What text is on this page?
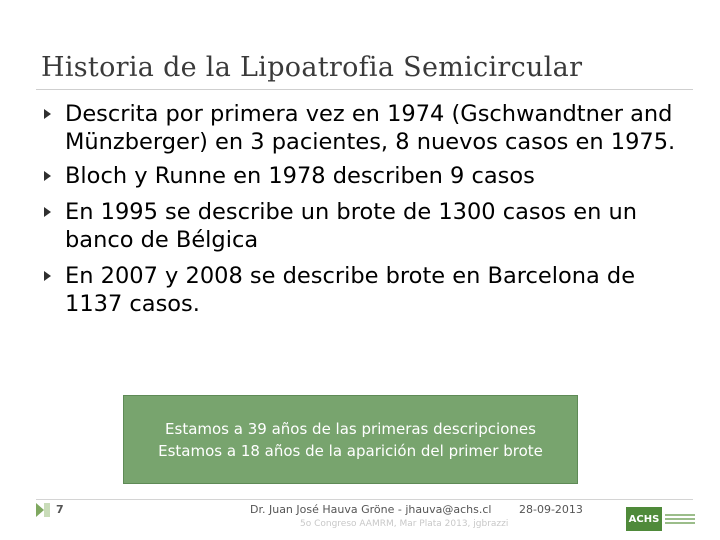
Historia de la Lipoatrofia Semicircular
Descrita por primera vez en 1974 (Gschwandtner and Münzberger) en 3 pacientes, 8 nuevos casos en 1975.
Bloch y Runne en 1978 describen 9 casos
En 1995 se describe un brote de 1300 casos en un banco de Bélgica
En 2007 y 2008 se describe brote en Barcelona de 1137 casos.
Estamos a 39 años de las primeras descripciones
Estamos a 18 años de la aparición del primer brote
7	Dr. Juan José Hauva Gröne - jhauva@achs.cl	28-09-2013
5o Congreso AAMRM, Mar Plata 2013, jgbrazzi	ACHS
